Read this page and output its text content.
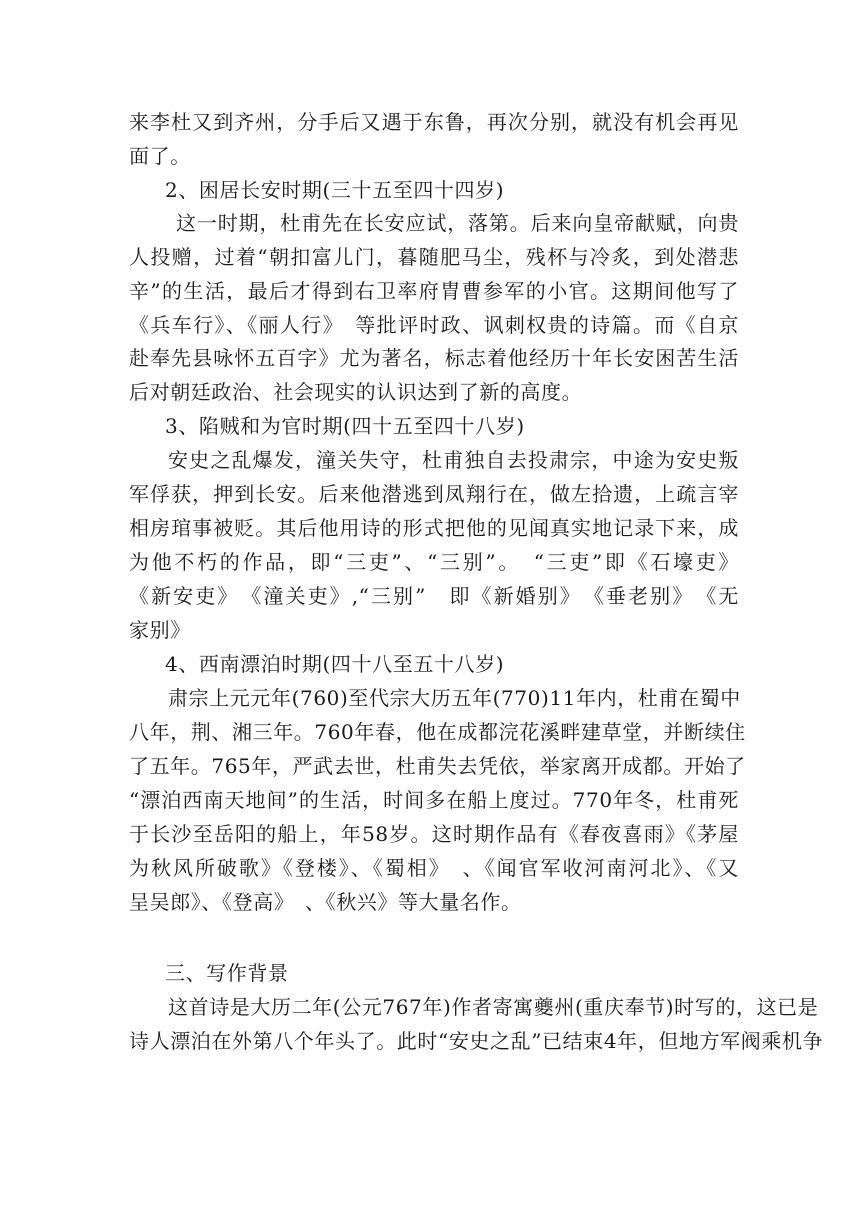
来李杜又到齐州，分手后又遇于东鲁，再次分别，就没有机会再见
面了。
2、困居长安时期(三十五至四十四岁)
这一时期，杜甫先在长安应试，落第。后来向皇帝献赋，向贵
人投赠，过着“朝扣富儿门，暮随肥马尘，残杯与冷炙，到处潜悲
辛”的生活，最后才得到右卫率府胄曹参军的小官。这期间他写了
《兵车行》、《丽人行》　等批评时政、讽刺权贵的诗篇。而《自京
赴奉先县咏怀五百字》尤为著名，标志着他经历十年长安困苦生活
后对朝廷政治、社会现实的认识达到了新的高度。
3、陷贼和为官时期(四十五至四十八岁)
安史之乱爆发，潼关失守，杜甫独自去投肃宗，中途为安史叛
军俘获，押到长安。后来他潜逃到凤翔行在，做左拾遗，上疏言宰
相房琯事被贬。其后他用诗的形式把他的见闻真实地记录下来，成
为他不朽的作品，即“三吏”、“三别”。　“三吏”即《石壕吏》
《新安吏》　《潼关吏》,“三别”　即《新婚别》　《垂老别》　《无
家别》
4、西南漂泊时期(四十八至五十八岁)
肃宗上元元年(760)至代宗大历五年(770)11年内，杜甫在蜀中
八年，荆、湘三年。760年春，他在成都浣花溪畔建草堂，并断续住
了五年。765年，严武去世，杜甫失去凭依，举家离开成都。开始了
“漂泊西南天地间”的生活，时间多在船上度过。770年冬，杜甫死
于长沙至岳阳的船上，年58岁。这时期作品有《春夜喜雨》《茅屋
为秋风所破歌》《登楼》、《蜀相》　、《闻官军收河南河北》、《又
呈吴郎》、《登高》　、《秋兴》等大量名作。
三、写作背景
这首诗是大历二年(公元767年)作者寄寓夔州(重庆奉节)时写的，这已是
诗人漂泊在外第八个年头了。此时“安史之乱”已结束4年，但地方军阀乘机争
